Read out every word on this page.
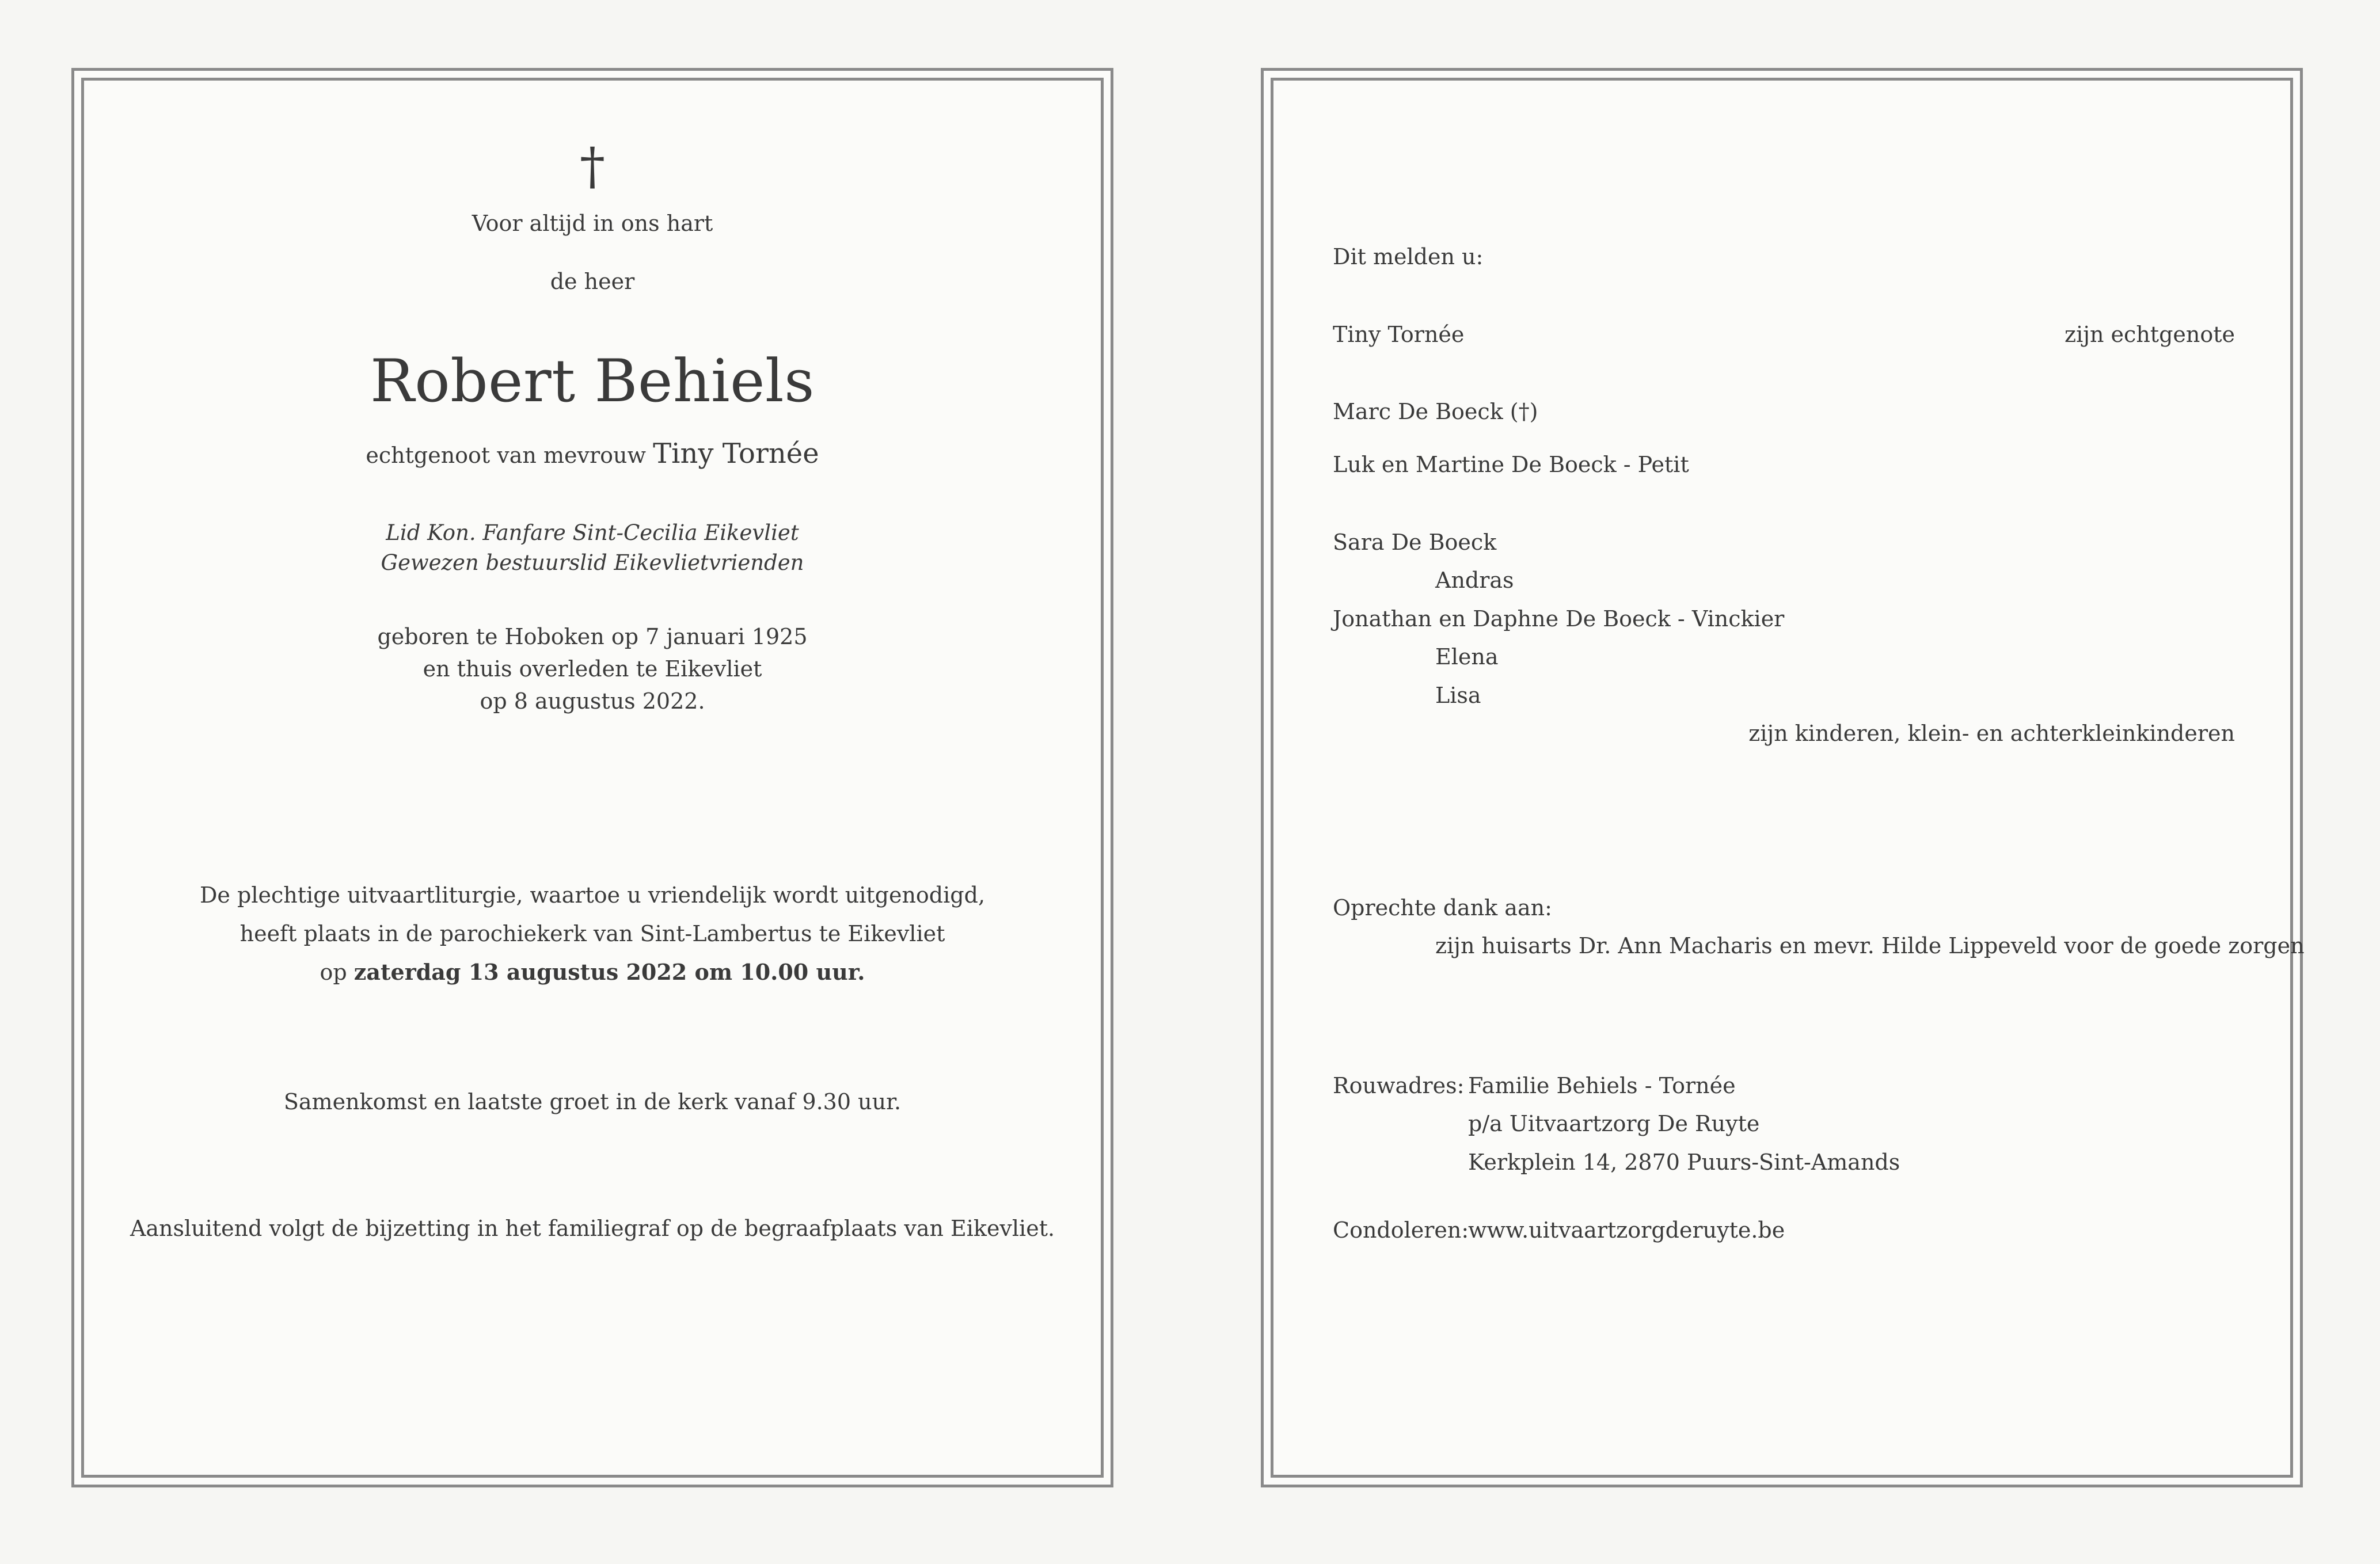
†
Voor altijd in ons hart
de heer
Robert Behiels
echtgenoot van mevrouw Tiny Tornée
Lid Kon. Fanfare Sint-Cecilia Eikevliet
Gewezen bestuurslid Eikevlietvrienden
geboren te Hoboken op 7 januari 1925
en thuis overleden te Eikevliet
op 8 augustus 2022.
De plechtige uitvaartliturgie, waartoe u vriendelijk wordt uitgenodigd,
heeft plaats in de parochiekerk van Sint-Lambertus te Eikevliet
op zaterdag 13 augustus 2022 om 10.00 uur.
Samenkomst en laatste groet in de kerk vanaf 9.30 uur.
Aansluitend volgt de bijzetting in het familiegraf op de begraafplaats van Eikevliet.
Dit melden u:
Tiny Tornée	zijn echtgenote
Marc De Boeck (†)
Luk en Martine De Boeck - Petit
Sara De Boeck
Andras
Jonathan en Daphne De Boeck - Vinckier
Elena
Lisa
zijn kinderen, klein- en achterkleinkinderen
Oprechte dank aan:
zijn huisarts Dr. Ann Macharis en mevr. Hilde Lippeveld voor de goede zorgen
Rouwadres: Familie Behiels - Tornée
p/a Uitvaartzorg De Ruyte
Kerkplein 14, 2870 Puurs-Sint-Amands
Condoleren:
www.uitvaartzorgderuyte.be
